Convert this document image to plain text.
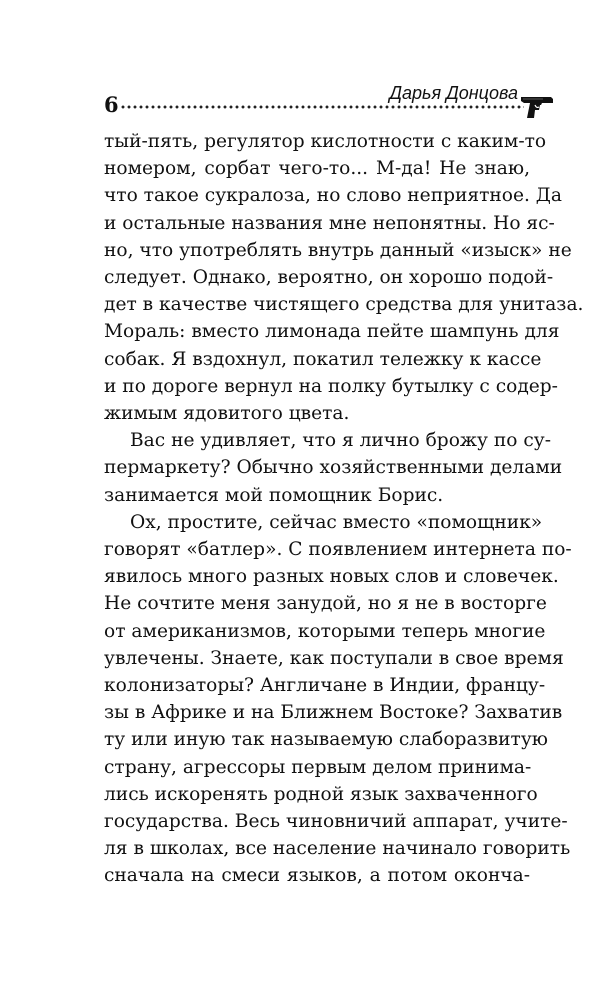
6	Дарья Донцова

тый-пять, регулятор кислотности с каким-то
номером, сорбат чего-то... М-да! Не знаю,
что такое сукралоза, но слово неприятное. Да
и остальные названия мне непонятны. Но яс-
но, что употреблять внутрь данный «изыск» не
следует. Однако, вероятно, он хорошо подой-
дет в качестве чистящего средства для унитаза.
Мораль: вместо лимонада пейте шампунь для
собак. Я вздохнул, покатил тележку к кассе
и по дороге вернул на полку бутылку с содер-
жимым ядовитого цвета.

Вас не удивляет, что я лично брожу по су-
пермаркету? Обычно хозяйственными делами
занимается мой помощник Борис.

Ох, простите, сейчас вместо «помощник»
говорят «батлер». С появлением интернета по-
явилось много разных новых слов и словечек.
Не сочтите меня занудой, но я не в восторге
от американизмов, которыми теперь многие
увлечены. Знаете, как поступали в свое время
колонизаторы? Англичане в Индии, францу-
зы в Африке и на Ближнем Востоке? Захватив
ту или иную так называемую слаборазвитую
страну, агрессоры первым делом принима-
лись искоренять родной язык захваченного
государства. Весь чиновничий аппарат, учите-
ля в школах, все население начинало говорить
сначала на смеси языков, а потом оконча-
